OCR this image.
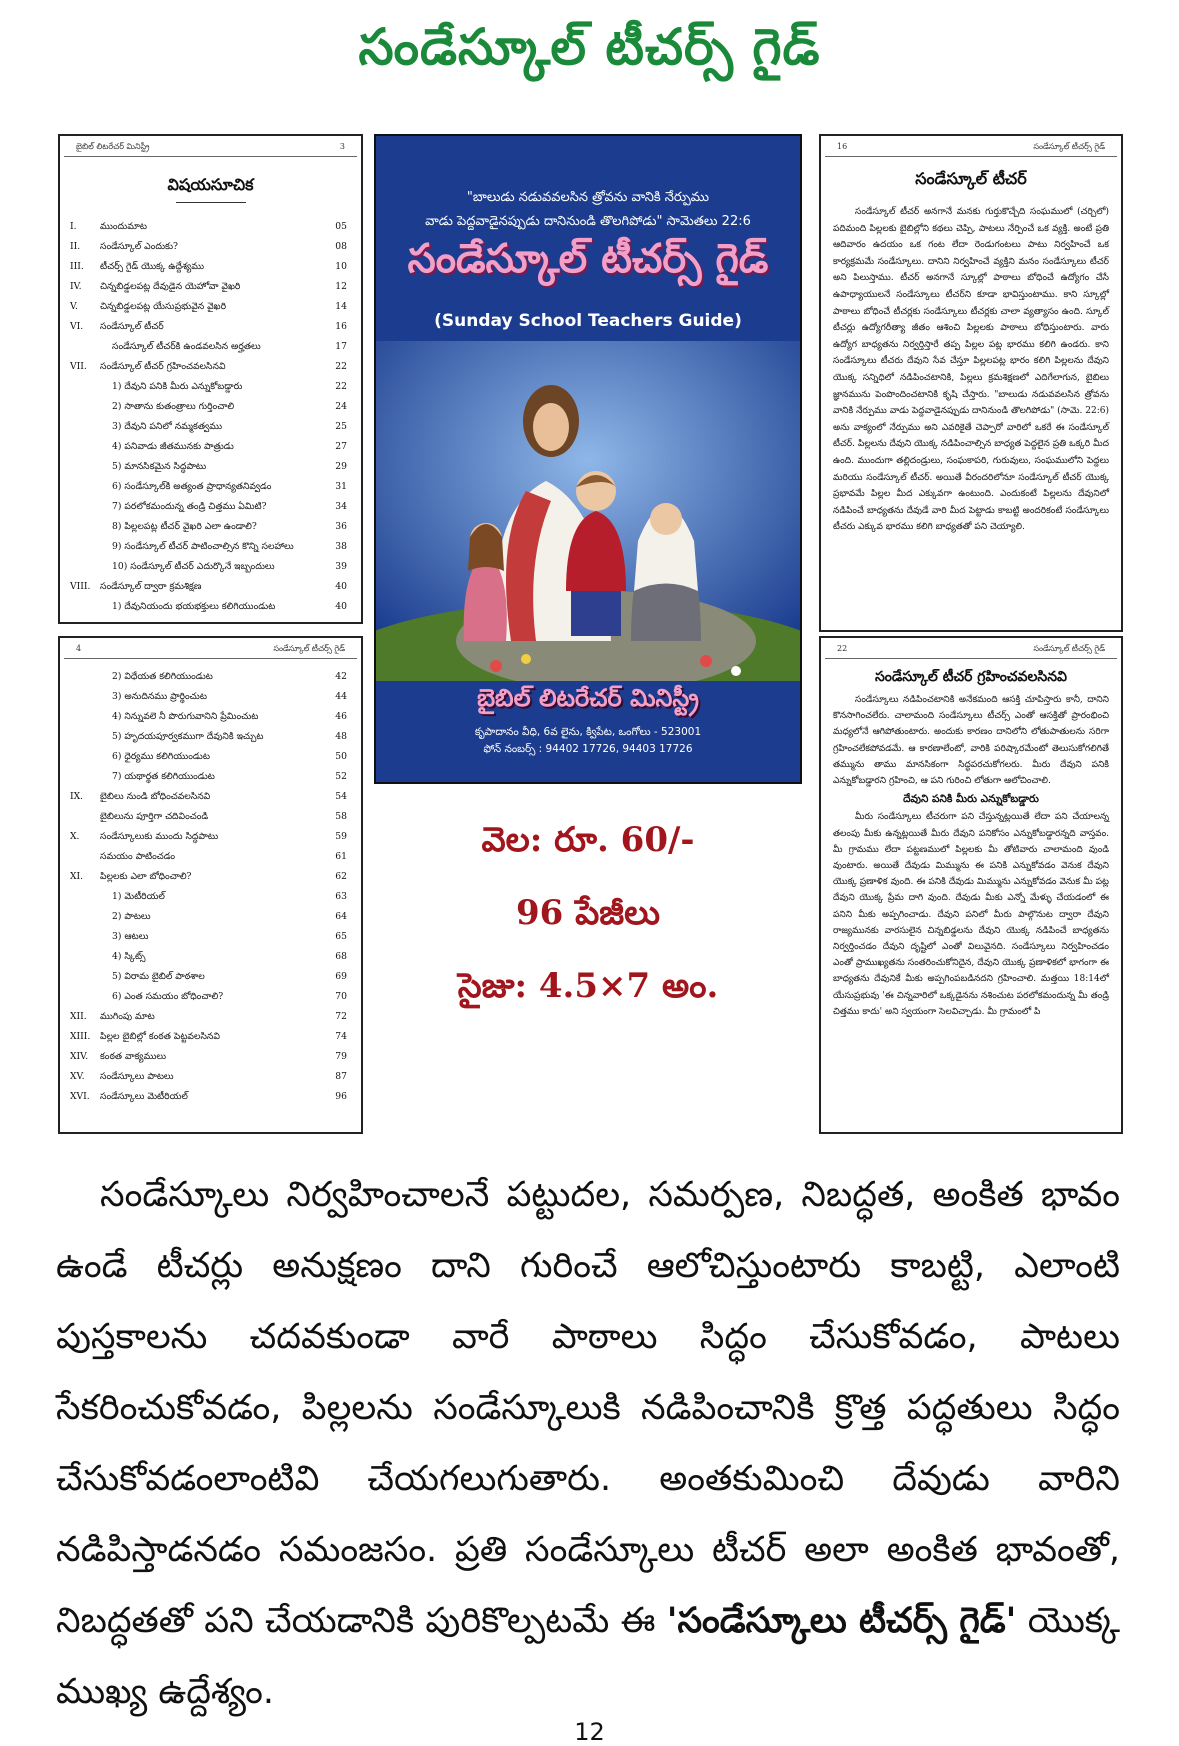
సండేస్కూల్ టీచర్స్ గైడ్
బైబిల్ లిటరేచర్ మినిస్ట్రీ	3
విషయసూచిక
I.	ముందుమాట	05
II.	సండేస్కూల్ ఎందుకు?	08
III.	టీచర్స్ గైడ్ యొక్క ఉద్దేశ్యము	10
IV.	చిన్నబిడ్డలపట్ల దేవుడైన యెహోవా వైఖరి	12
V.	చిన్నబిడ్డలపట్ల యేసుప్రభువైన వైఖరి	14
VI.	సండేస్కూల్ టీచర్	16
సండేస్కూల్ టీచర్‌కి ఉండవలసిన అర్హతలు	17
VII.	సండేస్కూల్ టీచర్ గ్రహించవలసినవి	22
1) దేవుని పనికి మీరు ఎన్నుకోబడ్డారు	22
2) సాతాను కుతంత్రాలు గుర్తించాలి	24
3) దేవుని పనిలో నమ్మకత్వము	25
4) పనివాడు జీతమునకు పాత్రుడు	27
5) మానసికమైన సిద్ధపాటు	29
6) సండేస్కూల్‌కి అత్యంత ప్రాధాన్యతనివ్వడం	31
7) పరలోకమందున్న తండ్రి చిత్తము ఏమిటి?	34
8) పిల్లలపట్ల టీచర్ వైఖరి ఎలా ఉండాలి?	36
9) సండేస్కూల్ టీచర్ పాటించాల్సిన కొన్ని సలహాలు	38
10) సండేస్కూల్ టీచర్ ఎదుర్కొనే ఇబ్బందులు	39
VIII.	సండేస్కూల్ ద్వారా క్రమశిక్షణ	40
1) దేవునియందు భయభక్తులు కలిగియుండుట	40
4	సండేస్కూల్ టీచర్స్ గైడ్
2) విధేయత కలిగియుండుట	42
3) అనుదినము ప్రార్థించుట	44
4) నిన్నువలె నీ పొరుగువానిని ప్రేమించుట	46
5) హృదయపూర్వకముగా దేవునికి ఇచ్చుట	48
6) ధైర్యము కలిగియుండుట	50
7) యథార్థత కలిగియుండుట	52
IX.	బైబిలు నుండి బోధించవలసినవి	54
బైబిలును పూర్తిగా చదివించండి	58
X.	సండేస్కూలుకు ముందు సిద్ధపాటు	59
సమయం పాటించడం	61
XI.	పిల్లలకు ఎలా బోధించాలి?	62
1) మెటీరియల్	63
2) పాటలు	64
3) ఆటలు	65
4) స్కిట్స్	68
5) విరామ బైబిల్ పాఠశాల	69
6) ఎంత సమయం బోధించాలి?	70
XII.	ముగింపు మాట	72
XIII.	పిల్లల బైబిల్లో కంఠత పెట్టవలసినవి	74
XIV.	కంఠత వాక్యములు	79
XV.	సండేస్కూలు పాటలు	87
XVI.	సండేస్కూలు మెటీరియల్	96
"బాలుడు నడువవలసిన త్రోవను వానికి నేర్పుము
వాడు పెద్దవాడైనప్పుడు దానినుండి తొలగిపోడు" సామెతలు 22:6
సండేస్కూల్ టీచర్స్ గైడ్
(Sunday School Teachers Guide)
బైబిల్ లిటరేచర్ మినిస్ట్రీ
కృపాదానం వీధి, 6వ లైను, క్విపేట, ఒంగోలు - 523001
ఫోన్ నంబర్స్ : 94402 17726, 94403 17726
వెల: రూ. 60/-
96 పేజీలు
సైజు: 4.5×7 అం.
16	సండేస్కూల్ టీచర్స్ గైడ్
సండేస్కూల్ టీచర్

సండేస్కూల్ టీచర్ అనగానే మనకు గుర్తుకొచ్చేది సంఘములో (చర్చిలో) పదిమంది పిల్లలకు బైబిల్లోని కథలు చెప్పి, పాటలు నేర్పించే ఒక వ్యక్తి. అంటే ప్రతి ఆదివారం ఉదయం ఒక గంట లేదా రెండుగంటలు పాటు నిర్వహించే ఒక కార్యక్రమమే సండేస్కూలు. దానిని నిర్వహించే వ్యక్తిని మనం సండేస్కూలు టీచర్ అని పిలుస్తాము. టీచర్ అనగానే స్కూల్లో పాఠాలు బోధించే ఉద్యోగం చేసే ఉపాధ్యాయులనే సండేస్కూలు టీచర్‌ని కూడా భావిస్తుంటాము. కాని స్కూల్లో పాఠాలు బోధించే టీచర్లకు సండేస్కూలు టీచర్లకు చాలా వ్యత్యాసం ఉంది. స్కూల్ టీచర్లు ఉద్యోగరీత్యా జీతం ఆశించి పిల్లలకు పాఠాలు బోధిస్తుంటారు. వారు ఉద్యోగ బాధ్యతను నిర్వర్తిస్తారే తప్ప పిల్లల పట్ల భారము కలిగి ఉండరు. కాని సండేస్కూలు టీచరు దేవుని సేవ చేస్తూ పిల్లలపట్ల భారం కలిగి పిల్లలను దేవుని యొక్క సన్నిధిలో నడిపించటానికి, పిల్లలు క్రమశిక్షణలో ఎదిగేలాగున, బైబిలు జ్ఞానమును పెంపొందించటానికి కృషి చేస్తారు. "బాలుడు నడువవలసిన త్రోవను వానికి నేర్పుము వాడు పెద్దవాడైనప్పుడు దానినుండి తొలగిపోడు" (సామె. 22:6) అను వాక్యంలో నేర్పుము అని ఎవరికైతే చెప్పారో వారిలో ఒకరే ఈ సండేస్కూల్ టీచర్. పిల్లలను దేవుని యొక్క నడిపించాల్సిన బాధ్యత పెద్దలైన ప్రతి ఒక్కరి మీద ఉంది. ముందుగా తల్లిదండ్రులు, సంఘకాపరి, గురువులు, సంఘములోని పెద్దలు మరియు సండేస్కూల్ టీచర్. అయితే వీరందరిలోనూ సండేస్కూల్ టీచర్ యొక్క ప్రభావమే పిల్లల మీద ఎక్కువగా ఉంటుంది. ఎందుకంటే పిల్లలను దేవునిలో నడిపించే బాధ్యతను దేవుడే వారి మీద పెట్టాడు కాబట్టి అందరికంటే సండేస్కూలు టీచరు ఎక్కువ భారము కలిగి బాధ్యతతో పని చెయ్యాలి.

22	సండేస్కూల్ టీచర్స్ గైడ్
సండేస్కూల్ టీచర్ గ్రహించవలసినవి

సండేస్కూలు నడిపించటానికి అనేకమంది ఆసక్తి చూపిస్తారు కానీ, దానిని కొనసాగించలేరు. చాలామంది సండేస్కూలు టీచర్స్ ఎంతో ఆసక్తితో ప్రారంభించి మధ్యలోనే ఆగిపోతుంటారు. అందుకు కారణం దానిలోని లోతుపాతులను సరిగా గ్రహించలేకపోవడమే. ఆ కారణాలేంటో, వారికి పరిష్కారమేంటో తెలుసుకోగలిగితే తమ్మును తాము మానసికంగా సిద్ధపరచుకోగలరు. మీరు దేవుని పనికి ఎన్నుకోబడ్డారని గ్రహించి, ఆ పని గురించి లోతుగా ఆలోచించాలి.

దేవుని పనికి మీరు ఎన్నుకోబడ్డారు

మీరు సండేస్కూలు టీచరుగా పని చేస్తున్నట్లయితే లేదా పని చేయాలన్న తలంపు మీకు ఉన్నట్లయితే మీరు దేవుని పనికోసం ఎన్నుకోబడ్డారన్నది వాస్తవం. మీ గ్రామము లేదా పట్టణములో పిల్లలకు మీ తోటివారు చాలామంది వుండి వుంటారు. అయితే దేవుడు మిమ్మును ఈ పనికి ఎన్నుకోవడం వెనుక దేవుని యొక్క ప్రణాళిక వుంది. ఈ పనికి దేవుడు మిమ్మును ఎన్నుకోవడం వెనుక మీ పట్ల దేవుని యొక్క ప్రేమ దాగి వుంది. దేవుడు మీకు ఎన్నో మేళ్ళు చేయడంలో ఈ పనిని మీకు అప్పగించాడు. దేవుని పనిలో మీరు పాల్గొనుట ద్వారా దేవుని రాజ్యమునకు వారసులైన చిన్నబిడ్డలను దేవుని యొక్క నడిపించే బాధ్యతను నిర్వర్తించడం దేవుని దృష్టిలో ఎంతో విలువైనది. సండేస్కూలు నిర్వహించడం ఎంతో ప్రాముఖ్యతను సంతరించుకోనిదైన, దేవుని యొక్క ప్రణాళికలో భాగంగా ఈ బాధ్యతను దేవునికే మీకు అప్పగింపబడినదని గ్రహించాలి. మత్తయి 18:14లో యేసుప్రభువు 'ఈ చిన్నవారిలో ఒక్కడైనను నశించుట పరలోకమందున్న మీ తండ్రి చిత్తము కాదు' అని స్వయంగా సెలవిచ్చాడు. మీ గ్రామంలో పి

సండేస్కూలు నిర్వహించాలనే పట్టుదల, సమర్పణ, నిబద్ధత, అంకిత భావం ఉండే టీచర్లు అనుక్షణం దాని గురించే ఆలోచిస్తుంటారు కాబట్టి, ఎలాంటి పుస్తకాలను చదవకుండా వారే పాఠాలు సిద్ధం చేసుకోవడం, పాటలు సేకరించుకోవడం, పిల్లలను సండేస్కూలుకి నడిపించానికి క్రొత్త పద్ధతులు సిద్ధం చేసుకోవడంలాంటివి చేయగలుగుతారు. అంతకుమించి దేవుడు వారిని నడిపిస్తాడనడం సమంజసం. ప్రతి సండేస్కూలు టీచర్ అలా అంకిత భావంతో, నిబద్ధతతో పని చేయడానికి పురికొల్పటమే ఈ 'సండేస్కూలు టీచర్స్ గైడ్' యొక్క ముఖ్య ఉద్దేశ్యం.
12
